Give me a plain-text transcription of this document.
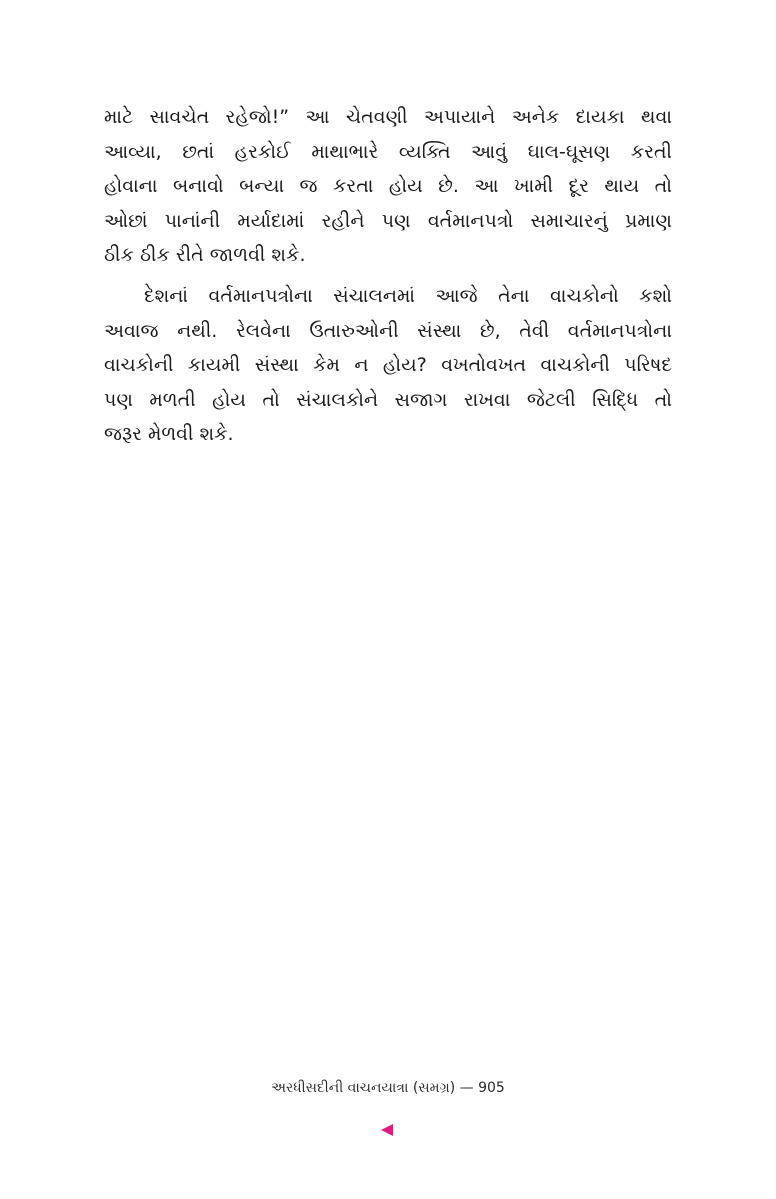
માટે સાવચેત રહેજો!” આ ચેતવણી અપાયાને અનેક દાયકા થવા
આવ્યા, છતાં હરકોઈ માથાભારે વ્યક્તિ આવું ઘાલ-ઘૂસણ કરતી
હોવાના બનાવો બન્યા જ કરતા હોય છે. આ ખામી દૂર થાય તો
ઓછાં પાનાંની મર્યાદામાં રહીને પણ વર્તમાનપત્રો સમાચારનું પ્રમાણ
ઠીક ઠીક રીતે જાળવી શકે.
દેશનાં વર્તમાનપત્રોના સંચાલનમાં આજે તેના વાચકોનો કશો
અવાજ નથી. રેલવેના ઉતારુઓની સંસ્થા છે, તેવી વર્તમાનપત્રોના
વાચકોની કાયમી સંસ્થા કેમ ન હોય? વખતોવખત વાચકોની પરિષદ
પણ મળતી હોય તો સંચાલકોને સજાગ રાખવા જેટલી સિદ્ધિ તો
જરૂર મેળવી શકે.
અરધીસદીની વાચનયાત્રા (સમગ્ર) — 905
